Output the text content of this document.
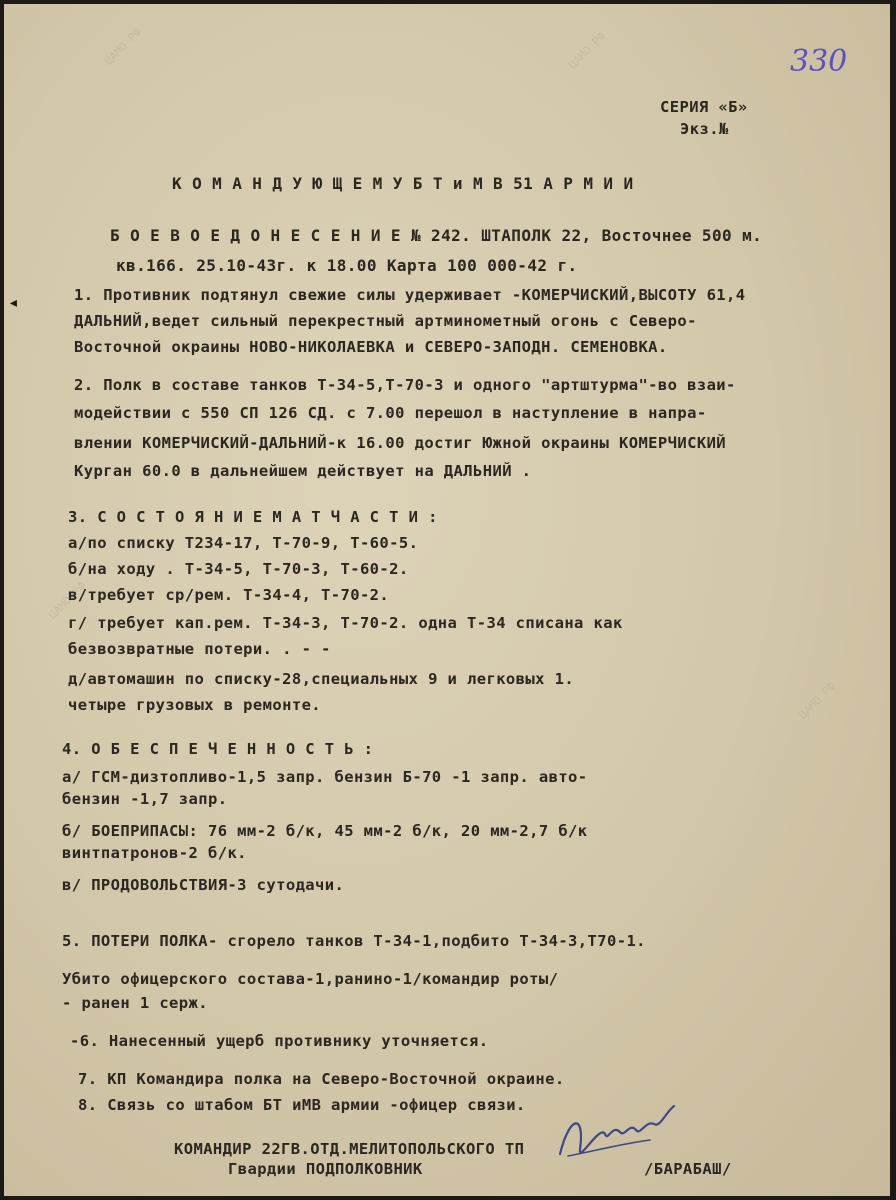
ЦАМО РФ	ЦАМО РФ
ЦАМО РФ
ЦАМО РФ
330
СЕРИЯ «Б»
Экз.№
К О М А Н Д У Ю Щ Е М У Б Т и М В 51 А Р М И И
Б О Е В О Е Д О Н Е С Е Н И Е № 242. ШТАПОЛК 22, Восточнее 500 м.
кв.166. 25.10-43г. к 18.00 Карта 100 000-42 г.
◂	1. Противник подтянул свежие силы удерживает -КОМЕРЧИСКИЙ,ВЫСОТУ 61,4
ДАЛЬНИЙ,ведет сильный перекрестный артминометный огонь с Северо-
Восточной окраины НОВО-НИКОЛАЕВКА и СЕВЕРО-ЗАПОДН. СЕМЕНОВКА.
2. Полк в составе танков Т-34-5,Т-70-3 и одного "артштурма"-во взаи-
модействии с 550 СП 126 СД. с 7.00 перешол в наступление в напра-
влении КОМЕРЧИСКИЙ-ДАЛЬНИЙ-к 16.00 достиг Южной окраины КОМЕРЧИСКИЙ
Курган 60.0 в дальнейшем действует на ДАЛЬНИЙ .
3. С О С Т О Я Н И Е М А Т Ч А С Т И :
а/по списку Т234-17, Т-70-9, Т-60-5.
б/на ходу . Т-34-5, Т-70-3, Т-60-2.
в/требует ср/рем. Т-34-4, Т-70-2.
г/ требует кап.рем. Т-34-3, Т-70-2. одна Т-34 списана как
безвозвратные потери. . - -
д/автомашин по списку-28,специальных 9 и легковых 1.
четыре грузовых в ремонте.
4. О Б Е С П Е Ч Е Н Н О С Т Ь :
а/ ГСМ-дизтопливо-1,5 запр. бензин Б-70 -1 запр. авто-
бензин -1,7 запр.
б/ БОЕПРИПАСЫ: 76 мм-2 б/к, 45 мм-2 б/к, 20 мм-2,7 б/к
винтпатронов-2 б/к.
в/ ПРОДОВОЛЬСТВИЯ-3 сутодачи.
5. ПОТЕРИ ПОЛКА- сгорело танков Т-34-1,подбито Т-34-3,Т70-1.
Убито офицерского состава-1,ранино-1/командир роты/
- ранен 1 серж.
-6. Нанесенный ущерб противнику уточняется.
7. КП Командира полка на Северо-Восточной окраине.
8. Связь со штабом БТ иМВ армии -офицер связи.
КОМАНДИР 22ГВ.ОТД.МЕЛИТОПОЛЬСКОГО ТП
Гвардии ПОДПОЛКОВНИК	/БАРАБАШ/
